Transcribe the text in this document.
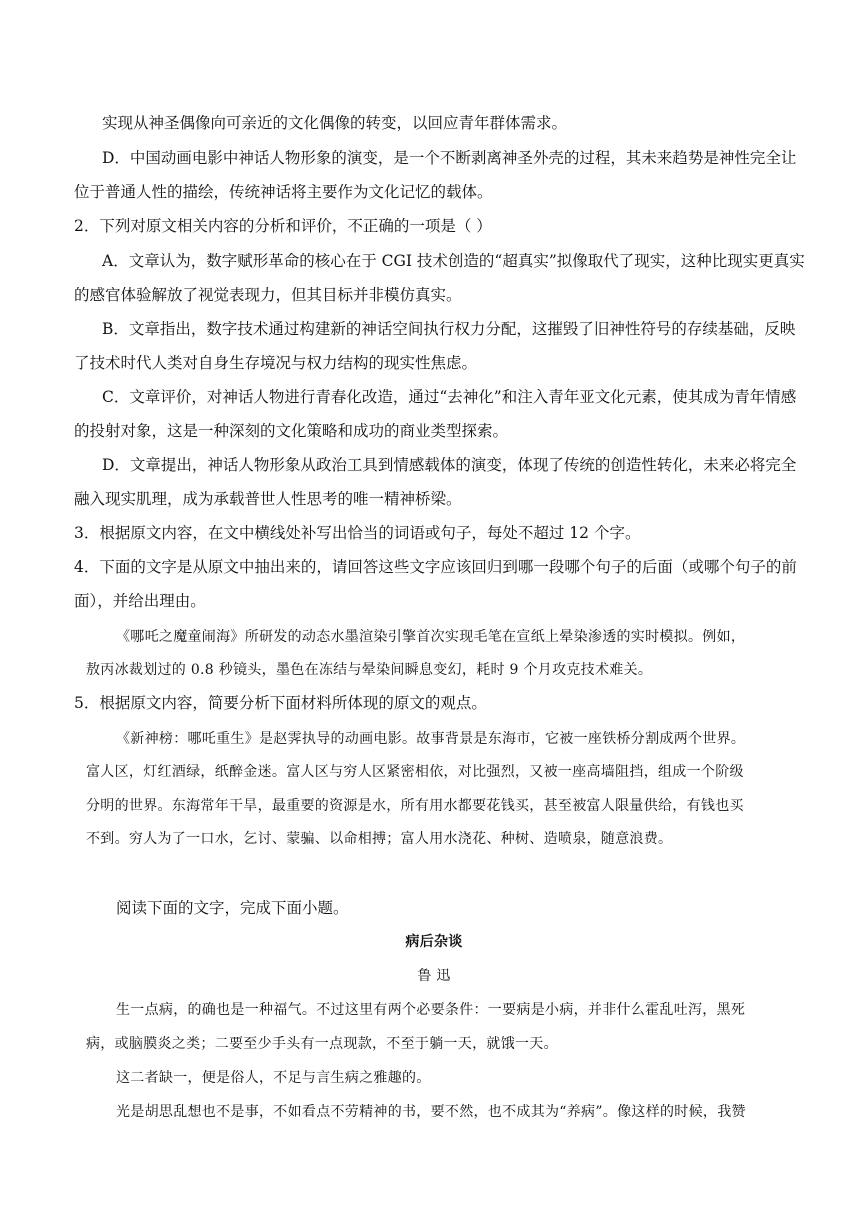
实现从神圣偶像向可亲近的文化偶像的转变，以回应青年群体需求。
D．中国动画电影中神话人物形象的演变，是一个不断剥离神圣外壳的过程，其未来趋势是神性完全让
位于普通人性的描绘，传统神话将主要作为文化记忆的载体。
2．下列对原文相关内容的分析和评价，不正确的一项是（ ）
A．文章认为，数字赋形革命的核心在于 CGI 技术创造的“超真实”拟像取代了现实，这种比现实更真实
的感官体验解放了视觉表现力，但其目标并非模仿真实。
B．文章指出，数字技术通过构建新的神话空间执行权力分配，这摧毁了旧神性符号的存续基础，反映
了技术时代人类对自身生存境况与权力结构的现实性焦虑。
C．文章评价，对神话人物进行青春化改造，通过“去神化”和注入青年亚文化元素，使其成为青年情感
的投射对象，这是一种深刻的文化策略和成功的商业类型探索。
D．文章提出，神话人物形象从政治工具到情感载体的演变，体现了传统的创造性转化，未来必将完全
融入现实肌理，成为承载普世人性思考的唯一精神桥梁。
3．根据原文内容，在文中横线处补写出恰当的词语或句子，每处不超过 12 个字。
4．下面的文字是从原文中抽出来的，请回答这些文字应该回归到哪一段哪个句子的后面（或哪个句子的前
面），并给出理由。
《哪吒之魔童闹海》所研发的动态水墨渲染引擎首次实现毛笔在宣纸上晕染渗透的实时模拟。例如，
敖丙冰裁划过的 0.8 秒镜头，墨色在冻结与晕染间瞬息变幻，耗时 9 个月攻克技术难关。
5．根据原文内容，简要分析下面材料所体现的原文的观点。
《新神榜：哪吒重生》是赵霁执导的动画电影。故事背景是东海市，它被一座铁桥分割成两个世界。
富人区，灯红酒绿，纸醉金迷。富人区与穷人区紧密相依，对比强烈，又被一座高墙阻挡，组成一个阶级
分明的世界。东海常年干旱，最重要的资源是水，所有用水都要花钱买，甚至被富人限量供给，有钱也买
不到。穷人为了一口水，乞讨、蒙骗、以命相搏；富人用水浇花、种树、造喷泉，随意浪费。
阅读下面的文字，完成下面小题。
病后杂谈
鲁 迅
生一点病，的确也是一种福气。不过这里有两个必要条件：一要病是小病，并非什么霍乱吐泻，黑死
病，或脑膜炎之类；二要至少手头有一点现款，不至于躺一天，就饿一天。
这二者缺一，便是俗人，不足与言生病之雅趣的。
光是胡思乱想也不是事，不如看点不劳精神的书，要不然，也不成其为“养病”。像这样的时候，我赞
